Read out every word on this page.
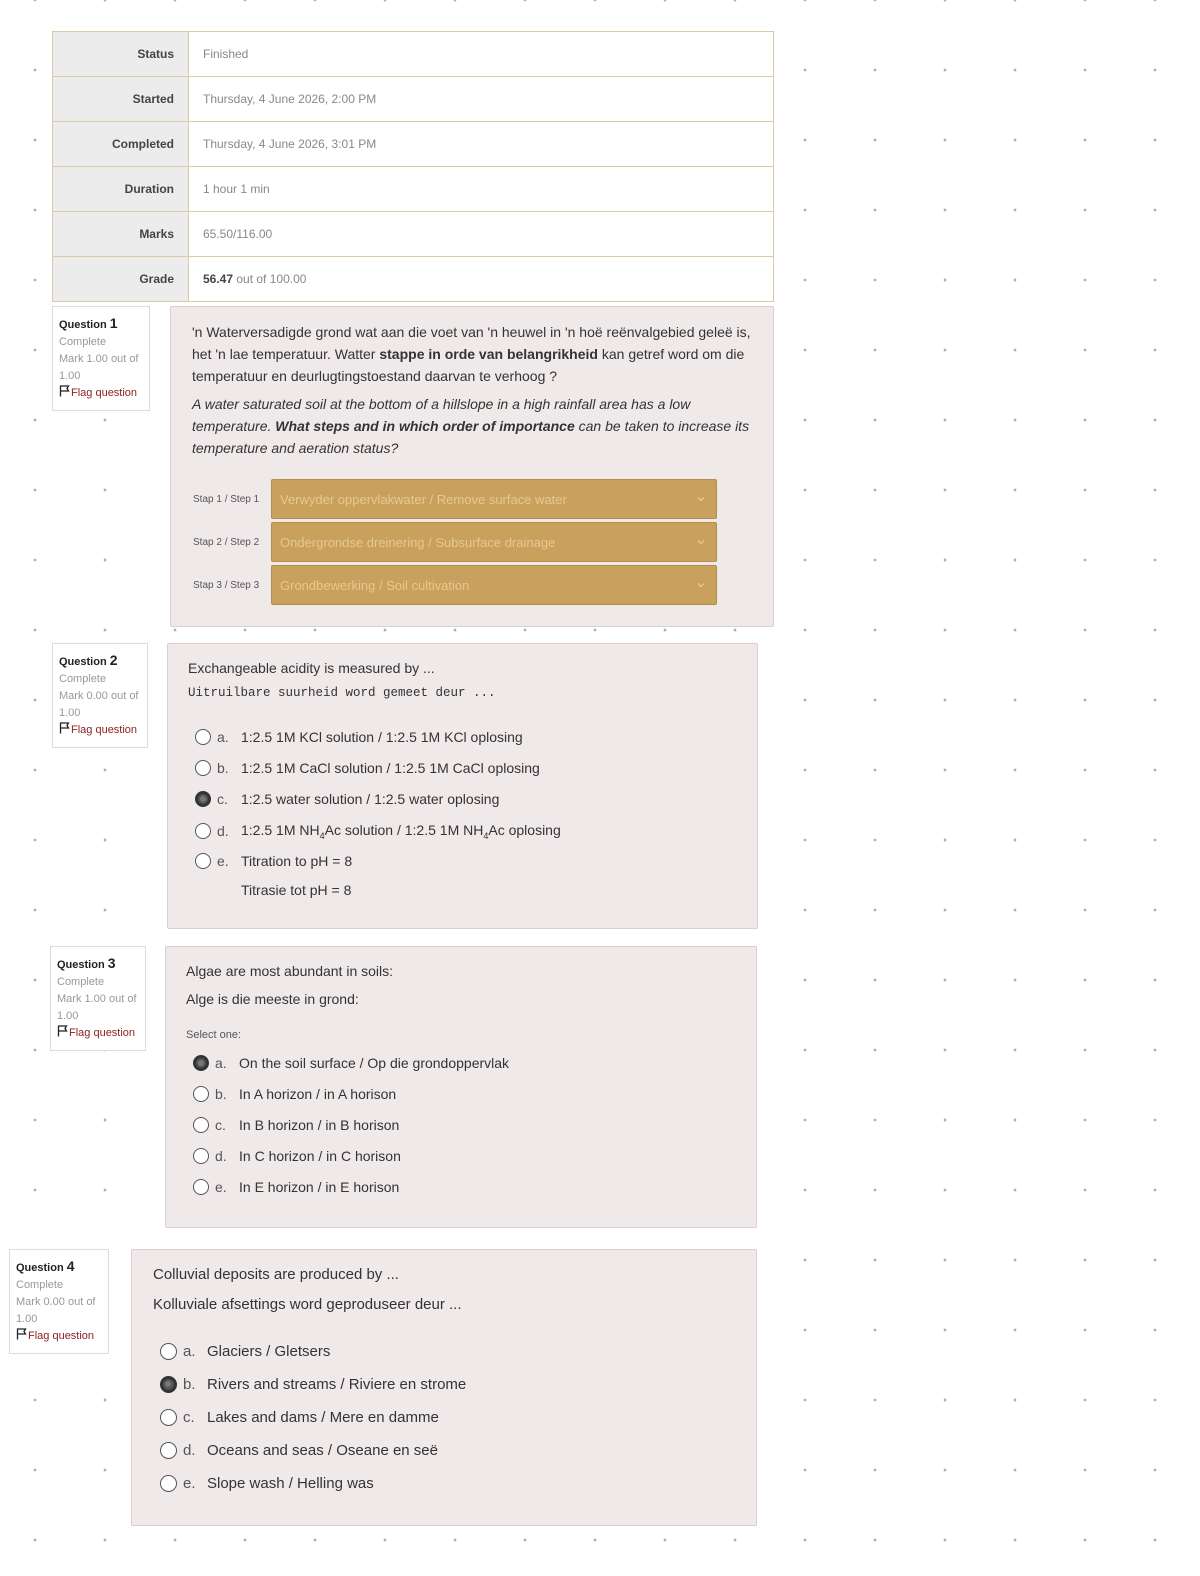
Status	Finished
Started	Thursday, 4 June 2026, 2:00 PM
Completed	Thursday, 4 June 2026, 3:01 PM
Duration	1 hour 1 min
Marks	65.50/116.00
Grade	56.47 out of 100.00
Question 1
Complete
Mark 1.00 out of 1.00
Flag question
'n Waterversadigde grond wat aan die voet van 'n heuwel in 'n hoë reënvalgebied geleë is, het 'n lae temperatuur. Watter stappe in orde van belangrikheid kan getref word om die temperatuur en deurlugtingstoestand daarvan te verhoog ?
A water saturated soil at the bottom of a hillslope in a high rainfall area has a low temperature. What steps and in which order of importance can be taken to increase its temperature and aeration status?
Stap 1 / Step 1	Verwyder oppervlakwater / Remove surface water
Stap 2 / Step 2	Ondergrondse dreinering / Subsurface drainage
Stap 3 / Step 3	Grondbewerking / Soil cultivation
Question 2
Complete
Mark 0.00 out of 1.00
Flag question
Exchangeable acidity is measured by ...
Uitruilbare suurheid word gemeet deur ...
a. 1:2.5 1M KCl solution / 1:2.5 1M KCl oplosing
b. 1:2.5 1M CaCl solution / 1:2.5 1M CaCl oplosing
c. 1:2.5 water solution / 1:2.5 water oplosing
d. 1:2.5 1M $NH_4Ac$ solution / 1:2.5 1M $NH_4Ac$ oplosing
e. Titration to pH = 8
Titrasie tot pH = 8
Question 3
Complete
Mark 1.00 out of 1.00
Flag question
Algae are most abundant in soils:
Alge is die meeste in grond:
Select one:
a. On the soil surface / Op die grondoppervlak
b. In A horizon / in A horison
c. In B horizon / in B horison
d. In C horizon / in C horison
e. In E horizon / in E horison
Question 4
Complete
Mark 0.00 out of 1.00
Flag question
Colluvial deposits are produced by ...
Kolluviale afsettings word geproduseer deur ...
a. Glaciers / Gletsers
b. Rivers and streams / Riviere en strome
c. Lakes and dams / Mere en damme
d. Oceans and seas / Oseane en seë
e. Slope wash / Helling was
